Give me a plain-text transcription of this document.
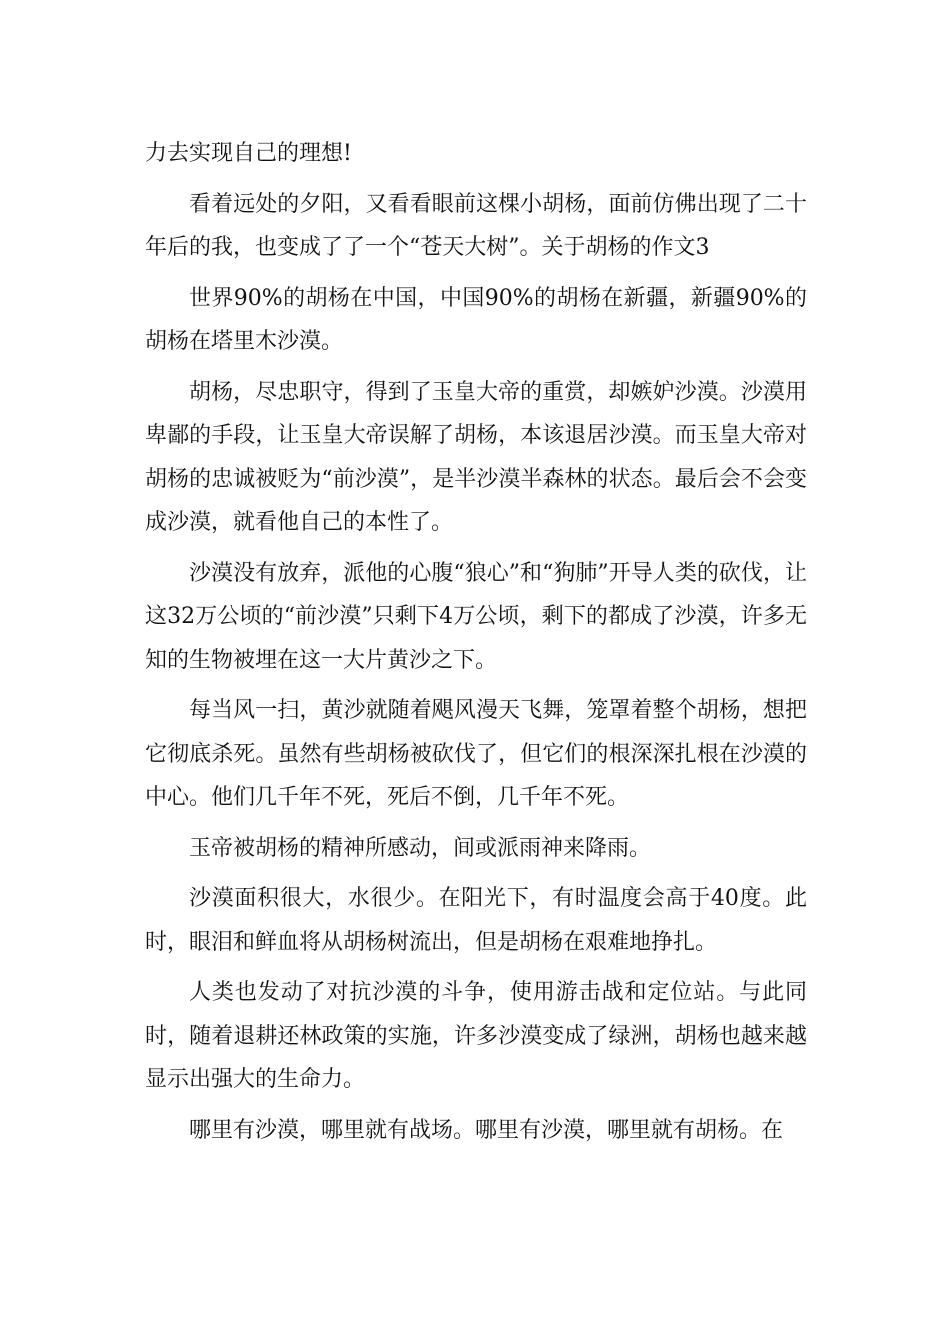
力去实现自己的理想!

看着远处的夕阳，又看看眼前这棵小胡杨，面前仿佛出现了二十年后的我，也变成了了一个“苍天大树”。关于胡杨的作文3

世界90%的胡杨在中国，中国90%的胡杨在新疆，新疆90%的胡杨在塔里木沙漠。

胡杨，尽忠职守，得到了玉皇大帝的重赏，却嫉妒沙漠。沙漠用卑鄙的手段，让玉皇大帝误解了胡杨，本该退居沙漠。而玉皇大帝对胡杨的忠诚被贬为“前沙漠”，是半沙漠半森林的状态。最后会不会变成沙漠，就看他自己的本性了。

沙漠没有放弃，派他的心腹“狼心”和“狗肺”开导人类的砍伐，让这32万公顷的“前沙漠”只剩下4万公顷，剩下的都成了沙漠，许多无知的生物被埋在这一大片黄沙之下。

每当风一扫，黄沙就随着飓风漫天飞舞，笼罩着整个胡杨，想把它彻底杀死。虽然有些胡杨被砍伐了，但它们的根深深扎根在沙漠的中心。他们几千年不死，死后不倒，几千年不死。

玉帝被胡杨的精神所感动，间或派雨神来降雨。

沙漠面积很大，水很少。在阳光下，有时温度会高于40度。此时，眼泪和鲜血将从胡杨树流出，但是胡杨在艰难地挣扎。

人类也发动了对抗沙漠的斗争，使用游击战和定位站。与此同时，随着退耕还林政策的实施，许多沙漠变成了绿洲，胡杨也越来越显示出强大的生命力。

哪里有沙漠，哪里就有战场。哪里有沙漠，哪里就有胡杨。在
